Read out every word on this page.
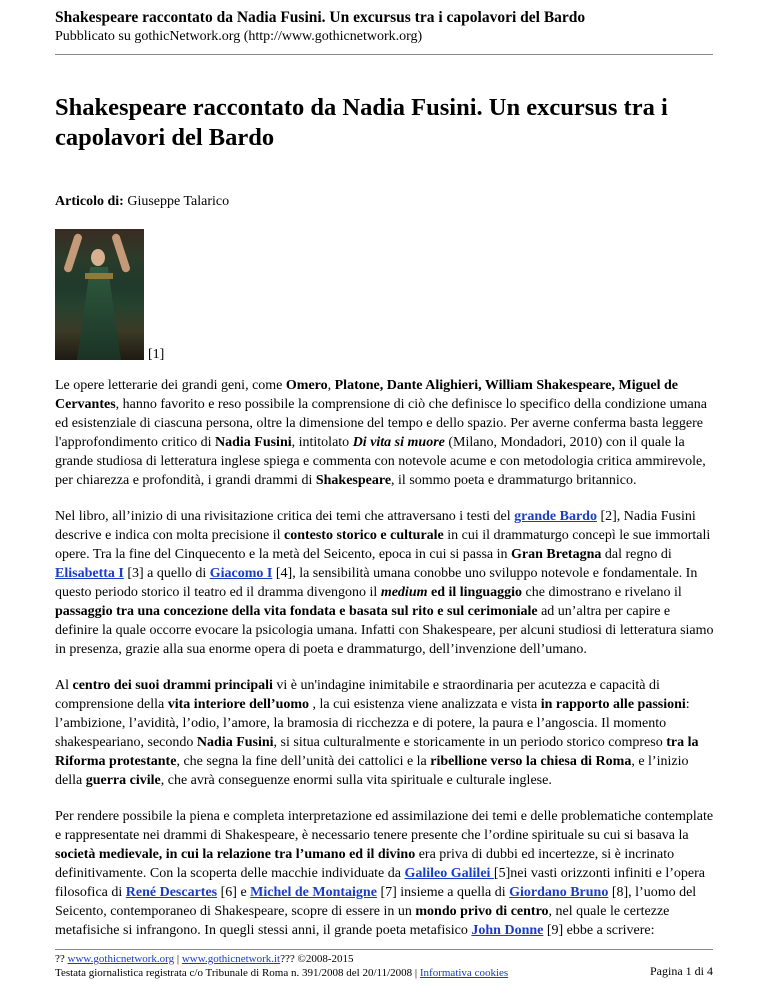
Shakespeare raccontato da Nadia Fusini. Un excursus tra i capolavori del Bardo
Pubblicato su gothicNetwork.org (http://www.gothicnetwork.org)
Shakespeare raccontato da Nadia Fusini. Un excursus tra i capolavori del Bardo
Articolo di: Giuseppe Talarico
[1]

Le opere letterarie dei grandi geni, come Omero, Platone, Dante Alighieri, William Shakespeare, Miguel de Cervantes, hanno favorito e reso possibile la comprensione di ciò che definisce lo specifico della condizione umana ed esistenziale di ciascuna persona, oltre la dimensione del tempo e dello spazio. Per averne conferma basta leggere l'approfondimento critico di Nadia Fusini, intitolato Di vita si muore (Milano, Mondadori, 2010) con il quale la grande studiosa di letteratura inglese spiega e commenta con notevole acume e con metodologia critica ammirevole, per chiarezza e profondità, i grandi drammi di Shakespeare, il sommo poeta e drammaturgo britannico.

Nel libro, all’inizio di una rivisitazione critica dei temi che attraversano i testi del grande Bardo [2], Nadia Fusini descrive e indica con molta precisione il contesto storico e culturale in cui il drammaturgo concepì le sue immortali opere. Tra la fine del Cinquecento e la metà del Seicento, epoca in cui si passa in Gran Bretagna dal regno di Elisabetta I [3] a quello di Giacomo I [4], la sensibilità umana conobbe uno sviluppo notevole e fondamentale. In questo periodo storico il teatro ed il dramma divengono il medium ed il linguaggio che dimostrano e rivelano il passaggio tra una concezione della vita fondata e basata sul rito e sul cerimoniale ad un’altra per capire e definire la quale occorre evocare la psicologia umana. Infatti con Shakespeare, per alcuni studiosi di letteratura siamo in presenza, grazie alla sua enorme opera di poeta e drammaturgo, dell’invenzione dell’umano.

Al centro dei suoi drammi principali vi è un'indagine inimitabile e straordinaria per acutezza e capacità di comprensione della vita interiore dell’uomo , la cui esistenza viene analizzata e vista in rapporto alle passioni: l’ambizione, l’avidità, l’odio, l’amore, la bramosia di ricchezza e di potere, la paura e l’angoscia. Il momento shakespeariano, secondo Nadia Fusini, si situa culturalmente e storicamente in un periodo storico compreso tra la Riforma protestante, che segna la fine dell’unità dei cattolici e la ribellione verso la chiesa di Roma, e l’inizio della guerra civile, che avrà conseguenze enormi sulla vita spirituale e culturale inglese.

Per rendere possibile la piena e completa interpretazione ed assimilazione dei temi e delle problematiche contemplate e rappresentate nei drammi di Shakespeare, è necessario tenere presente che l’ordine spirituale su cui si basava la società medievale, in cui la relazione tra l’umano ed il divino era priva di dubbi ed incertezze, si è incrinato definitivamente. Con la scoperta delle macchie individuate da Galileo Galilei [5]nei vasti orizzonti infiniti e l’opera filosofica di René Descartes [6] e Michel de Montaigne [7] insieme a quella di Giordano Bruno [8], l’uomo del Seicento, contemporaneo di Shakespeare, scopre di essere in un mondo privo di centro, nel quale le certezze metafisiche si infrangono. In quegli stessi anni, il grande poeta metafisico John Donne [9] ebbe a scrivere:

?? www.gothicnetwork.org | www.gothicnetwork.it??? ©2008-2015
Testata giornalistica registrata c/o Tribunale di Roma n. 391/2008 del 20/11/2008 | Informativa cookies	Pagina 1 di 4
